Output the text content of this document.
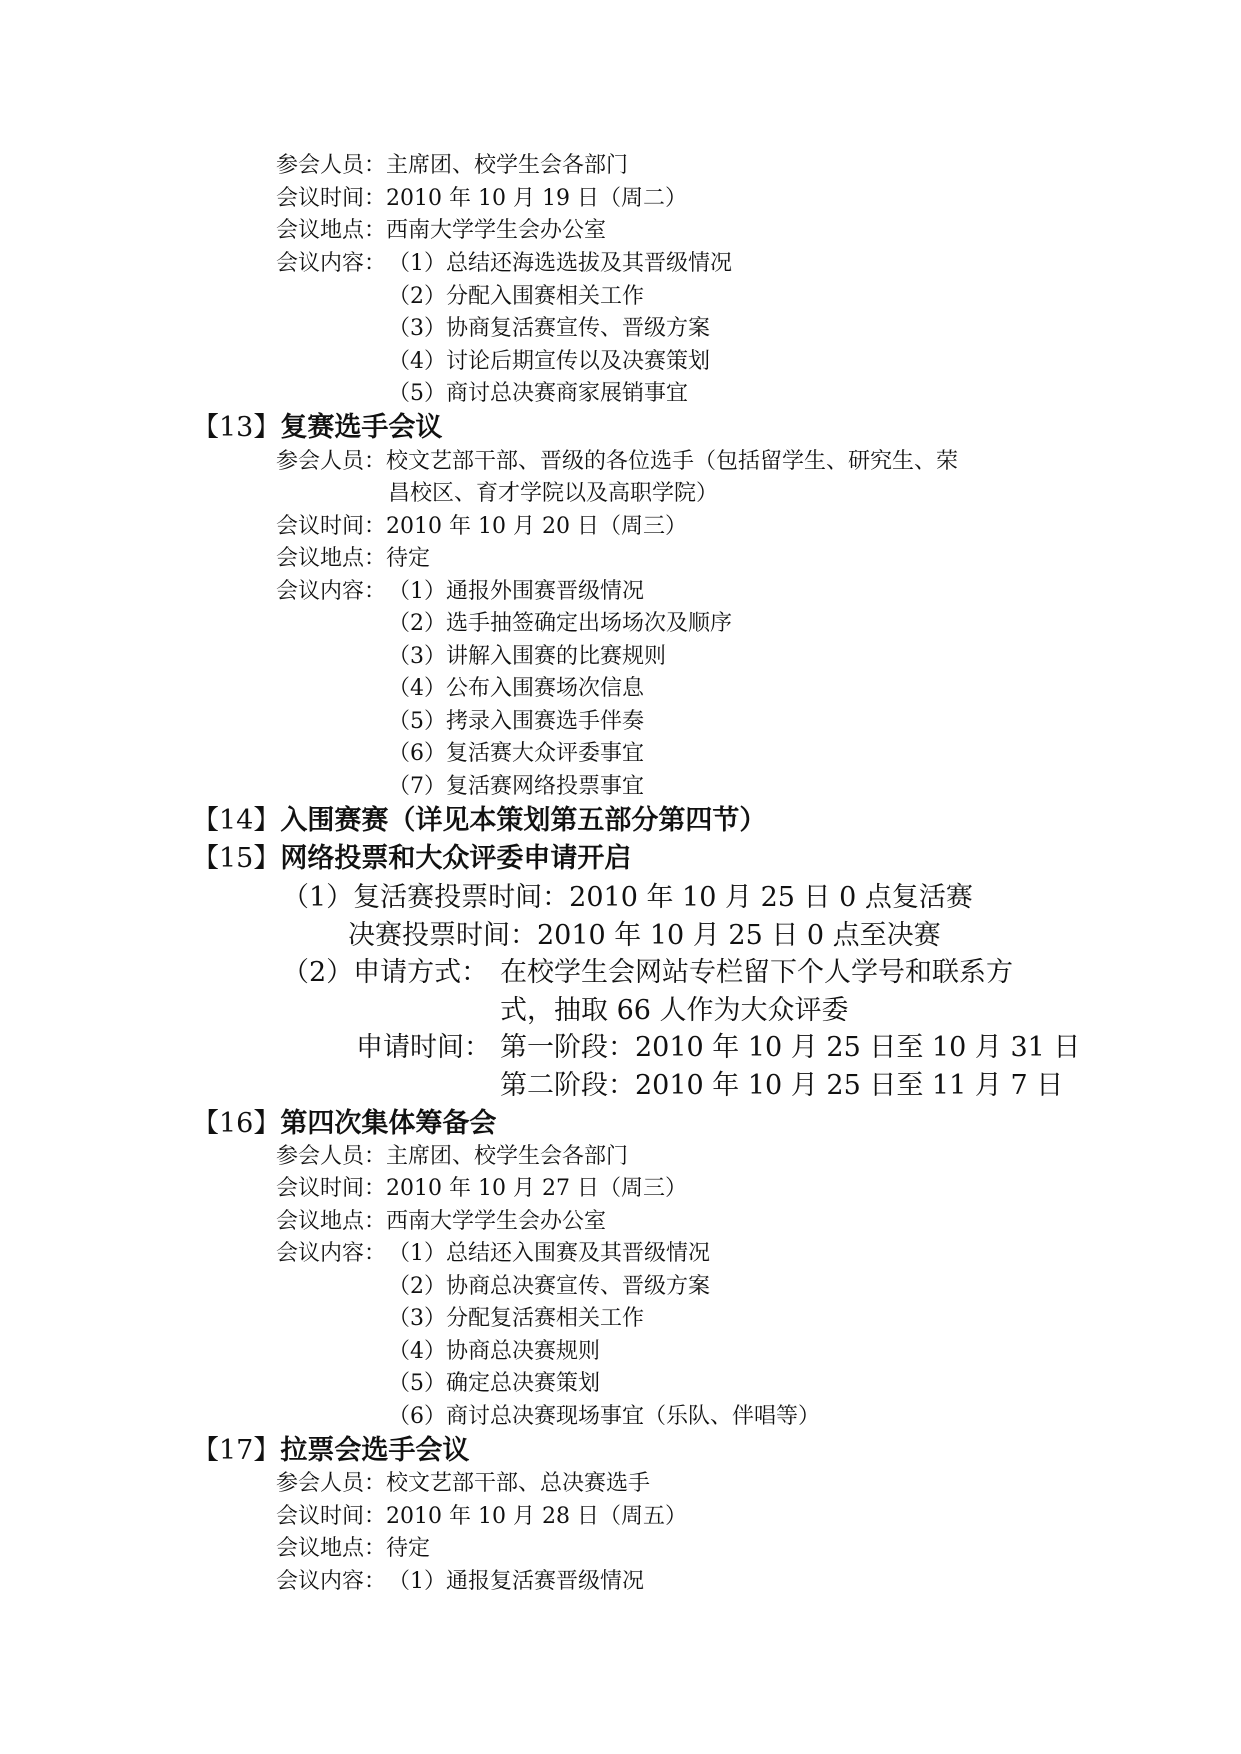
参会人员：主席团、校学生会各部门
会议时间：2010 年 10 月 19 日（周二）
会议地点：西南大学学生会办公室
会议内容： （1）总结还海选选拔及其晋级情况
（2）分配入围赛相关工作
（3）协商复活赛宣传、晋级方案
（4）讨论后期宣传以及决赛策划
（5）商讨总决赛商家展销事宜
【13】复赛选手会议
参会人员：校文艺部干部、晋级的各位选手（包括留学生、研究生、荣
昌校区、育才学院以及高职学院）
会议时间：2010 年 10 月 20 日（周三）
会议地点：待定
会议内容： （1）通报外围赛晋级情况
（2）选手抽签确定出场场次及顺序
（3）讲解入围赛的比赛规则
（4）公布入围赛场次信息
（5）拷录入围赛选手伴奏
（6）复活赛大众评委事宜
（7）复活赛网络投票事宜
【14】入围赛赛（详见本策划第五部分第四节）
【15】网络投票和大众评委申请开启
（1）复活赛投票时间：2010 年 10 月 25 日 0 点复活赛
决赛投票时间：2010 年 10 月 25 日 0 点至决赛
（2）申请方式： 在校学生会网站专栏留下个人学号和联系方
式，抽取 66 人作为大众评委
申请时间： 第一阶段：2010 年 10 月 25 日至 10 月 31 日
第二阶段：2010 年 10 月 25 日至 11 月 7 日
【16】第四次集体筹备会
参会人员：主席团、校学生会各部门
会议时间：2010 年 10 月 27 日（周三）
会议地点：西南大学学生会办公室
会议内容： （1）总结还入围赛及其晋级情况
（2）协商总决赛宣传、晋级方案
（3）分配复活赛相关工作
（4）协商总决赛规则
（5）确定总决赛策划
（6）商讨总决赛现场事宜（乐队、伴唱等）
【17】拉票会选手会议
参会人员：校文艺部干部、总决赛选手
会议时间：2010 年 10 月 28 日（周五）
会议地点：待定
会议内容： （1）通报复活赛晋级情况
